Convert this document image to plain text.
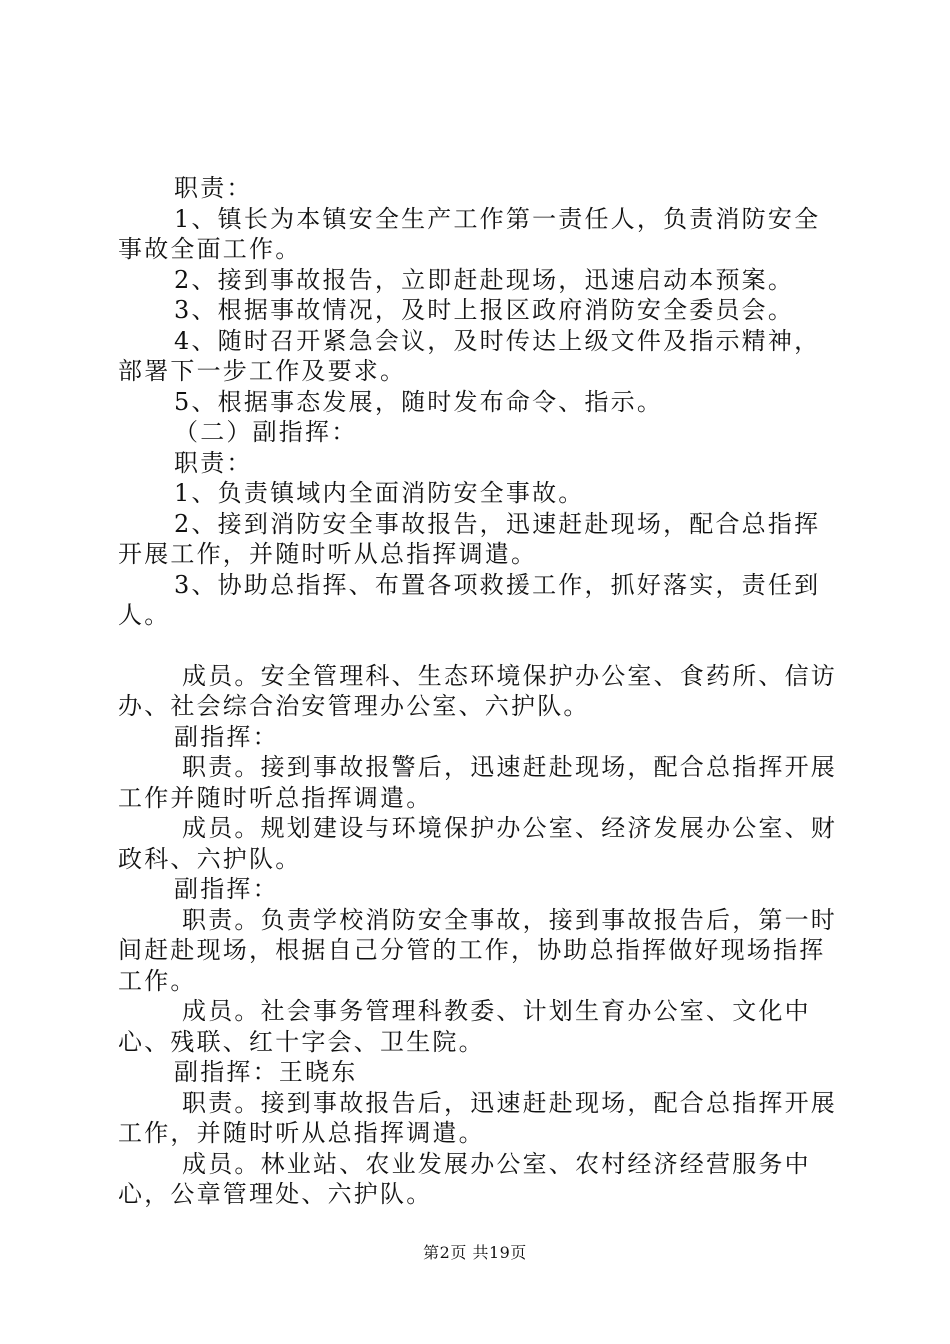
职责：

1、镇长为本镇安全生产工作第一责任人，负责消防安全事故全面工作。

2、接到事故报告，立即赶赴现场，迅速启动本预案。

3、根据事故情况，及时上报区政府消防安全委员会。

4、随时召开紧急会议，及时传达上级文件及指示精神，部署下一步工作及要求。

5、根据事态发展，随时发布命令、指示。

（二）副指挥：

职责：

1、负责镇域内全面消防安全事故。

2、接到消防安全事故报告，迅速赶赴现场，配合总指挥开展工作，并随时听从总指挥调遣。

3、协助总指挥、布置各项救援工作，抓好落实，责任到人。

成员。安全管理科、生态环境保护办公室、食药所、信访办、社会综合治安管理办公室、六护队。

副指挥：

职责。接到事故报警后，迅速赶赴现场，配合总指挥开展工作并随时听总指挥调遣。

成员。规划建设与环境保护办公室、经济发展办公室、财政科、六护队。

副指挥：

职责。负责学校消防安全事故，接到事故报告后，第一时间赶赴现场，根据自己分管的工作，协助总指挥做好现场指挥工作。

成员。社会事务管理科教委、计划生育办公室、文化中心、残联、红十字会、卫生院。

副指挥：王晓东

职责。接到事故报告后，迅速赶赴现场，配合总指挥开展工作，并随时听从总指挥调遣。

成员。林业站、农业发展办公室、农村经济经营服务中心，公章管理处、六护队。

第2页 共19页
